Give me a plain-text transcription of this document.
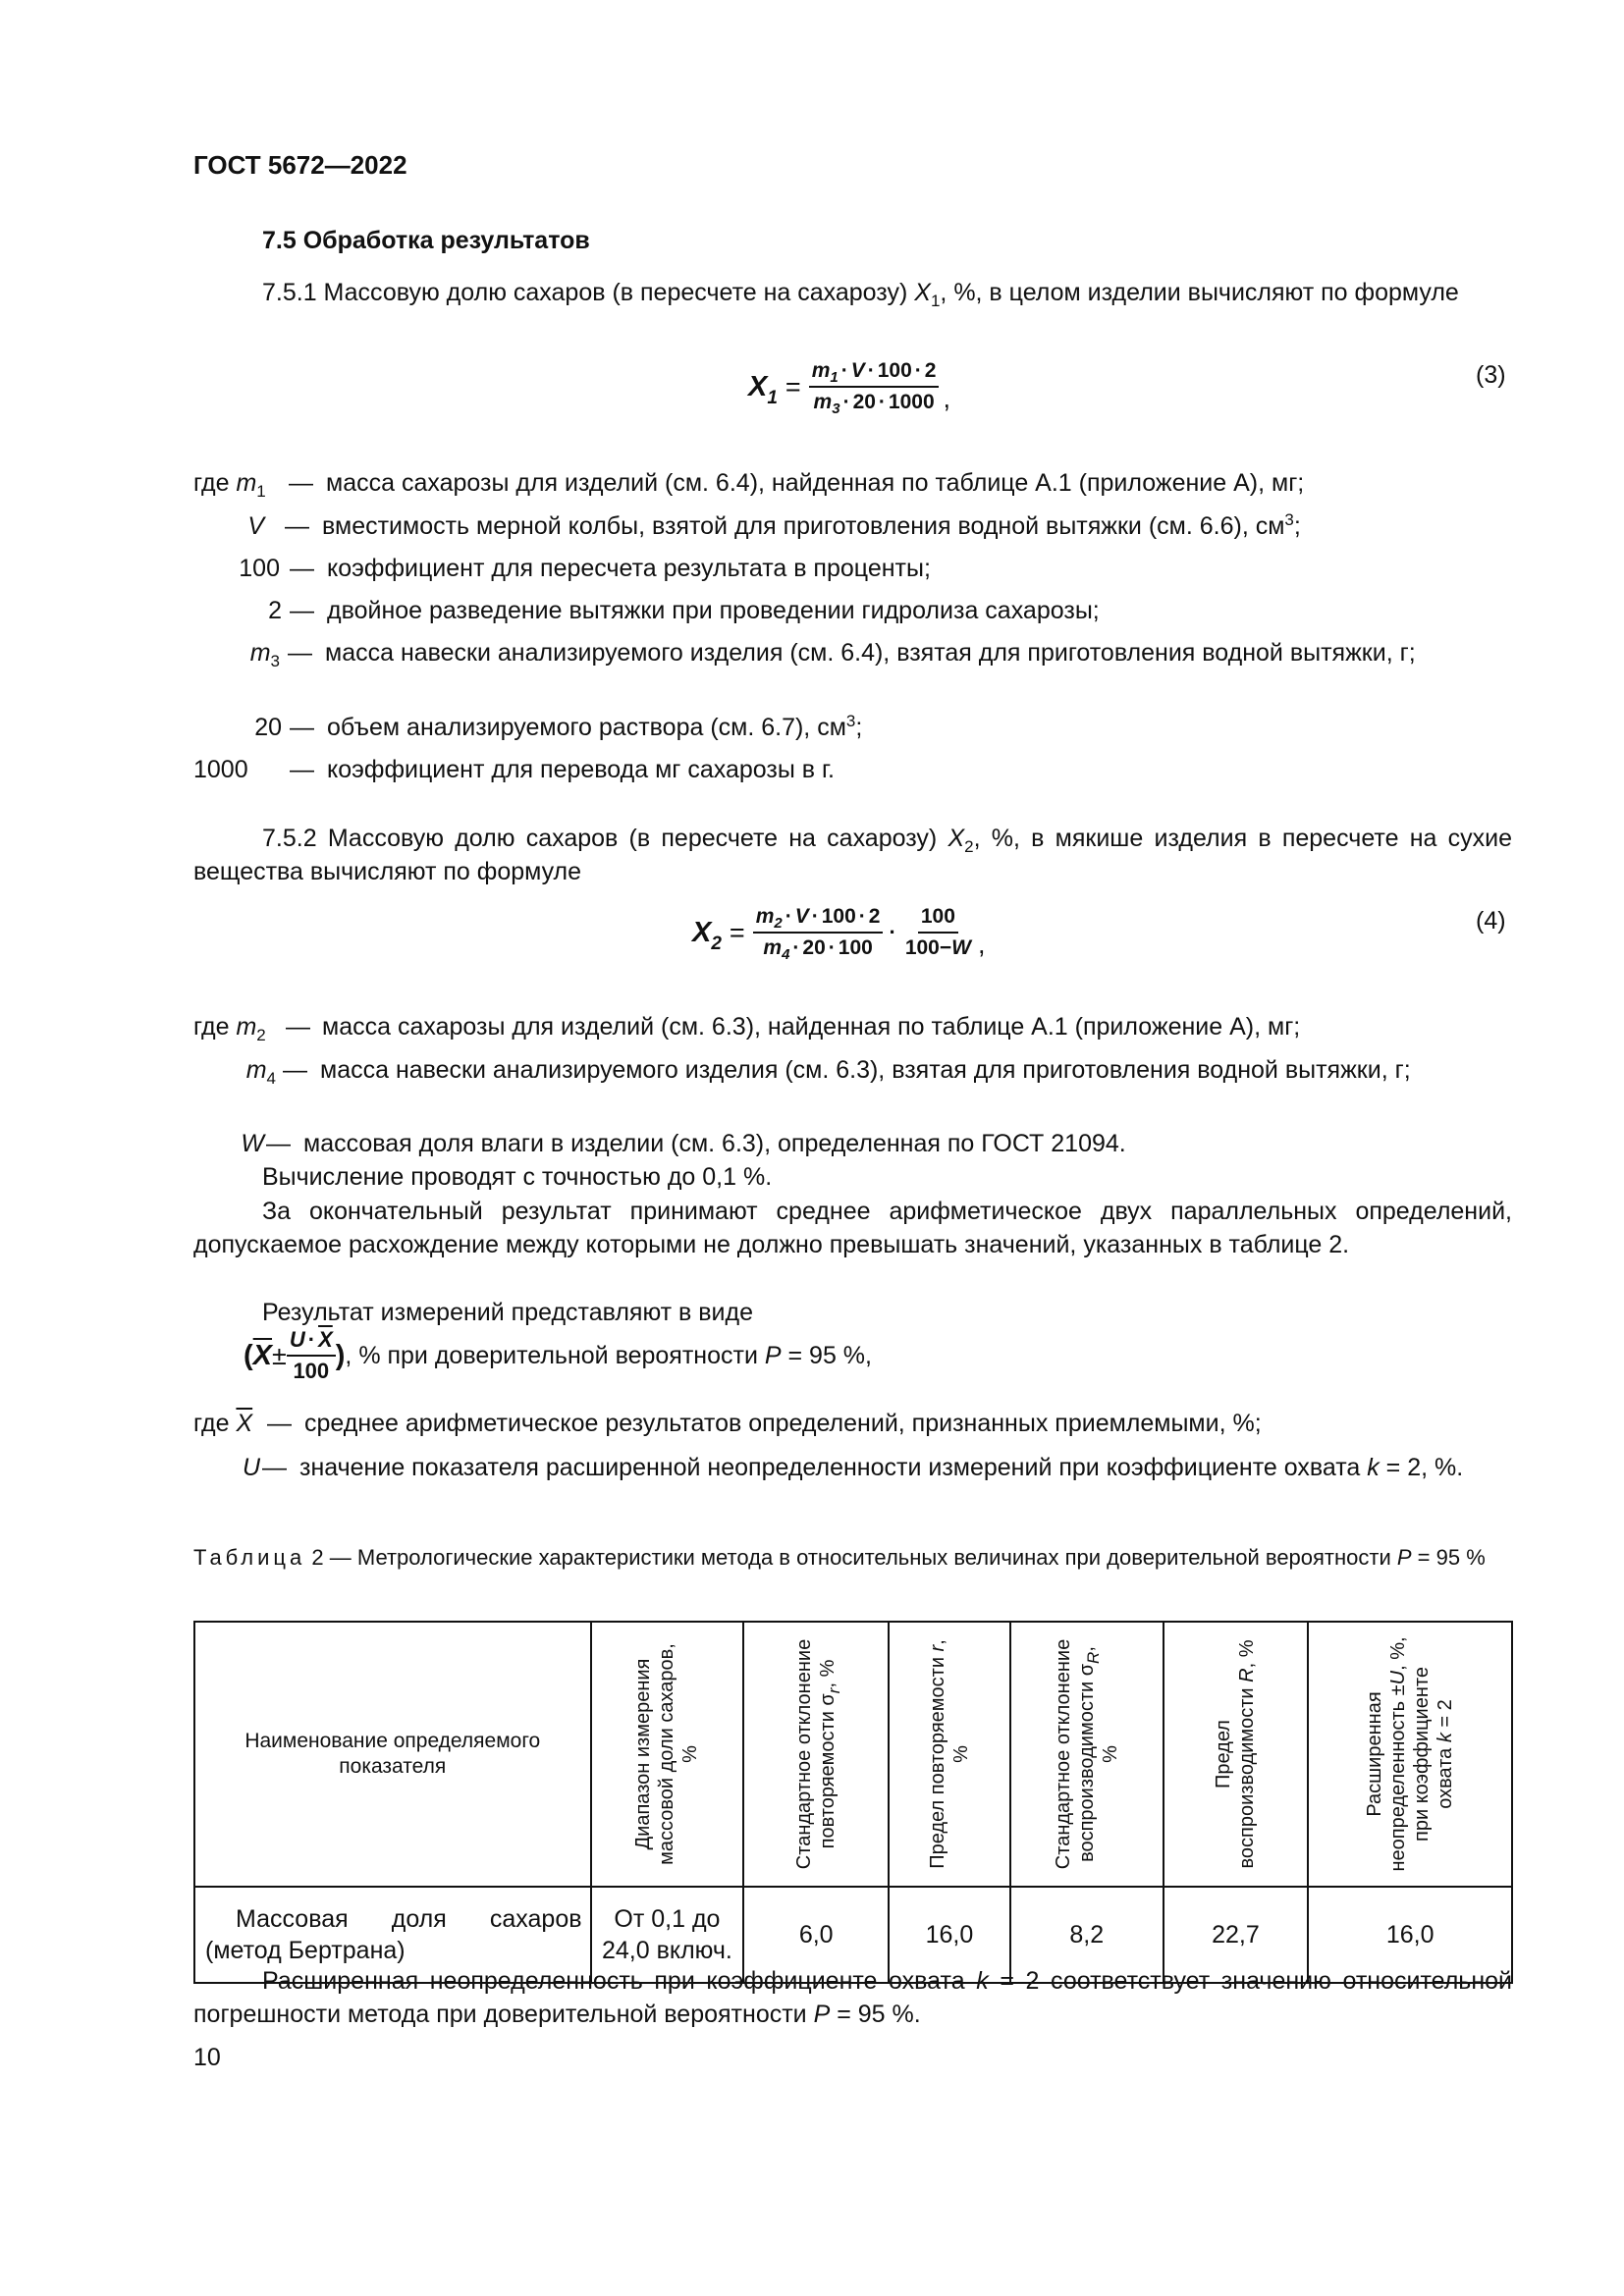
ГОСТ 5672—2022
7.5 Обработка результатов
7.5.1 Массовую долю сахаров (в пересчете на сахарозу) $X_1$, %, в целом изделии вычисляют по формуле
$X_1 = \frac{m_1 \cdot V \cdot 100 \cdot 2}{m_3 \cdot 20 \cdot 1000}$ ,
(3)
где $m_1$ — масса сахарозы для изделий (см. 6.4), найденная по таблице А.1 (приложение А), мг;
V — вместимость мерной колбы, взятой для приготовления водной вытяжки (см. 6.6), $см^3$;
100 — коэффициент для пересчета результата в проценты;
2 — двойное разведение вытяжки при проведении гидролиза сахарозы;
$m_3$ — масса навески анализируемого изделия (см. 6.4), взятая для приготовления водной вытяжки, г;
20 — объем анализируемого раствора (см. 6.7), $см^3$;
1000 — коэффициент для перевода мг сахарозы в г.
7.5.2 Массовую долю сахаров (в пересчете на сахарозу) $X_2$, %, в мякише изделия в пересчете на сухие вещества вычисляют по формуле
$X_2 = \frac{m_2 \cdot V \cdot 100 \cdot 2}{m_4 \cdot 20 \cdot 100} \cdot \frac{100}{100-W}$ ,
(4)
где $m_2$ — масса сахарозы для изделий (см. 6.3), найденная по таблице А.1 (приложение А), мг;
$m_4$ — масса навески анализируемого изделия (см. 6.3), взятая для приготовления водной вытяжки, г;
W — массовая доля влаги в изделии (см. 6.3), определенная по ГОСТ 21094.
Вычисление проводят с точностью до 0,1 %.
За окончательный результат принимают среднее арифметическое двух параллельных определений, допускаемое расхождение между которыми не должно превышать значений, указанных в таблице 2.
Результат измерений представляют в виде
( $\overline{X} \pm \frac{U \cdot \overline{X}}{100}$ ) , % при доверительной вероятности P = 95 %,
где $\overline{X}$ — среднее арифметическое результатов определений, признанных приемлемыми, %;
U — значение показателя расширенной неопределенности измерений при коэффициенте охвата k = 2, %.
Таблица 2 — Метрологические характеристики метода в относительных величинах при доверительной вероятности P = 95 %
Наименование определяемого показателя	Диапазон измерения массовой доли сахаров, %	Стандартное отклонение повторяемости $\sigma_r$, %	Предел повторяемости r, %	Стандартное отклонение воспроизводимости $\sigma_R$, %	Предел воспроизводимости R, %	Расширенная неопределенность ±U, %, при коэффициенте охвата k = 2

Массовая доля сахаров (метод Бертрана)	От 0,1 до 24,0 включ.	6,0	16,0	8,2	22,7	16,0
Расширенная неопределенность при коэффициенте охвата k = 2 соответствует значению относительной погрешности метода при доверительной вероятности P = 95 %.
10
